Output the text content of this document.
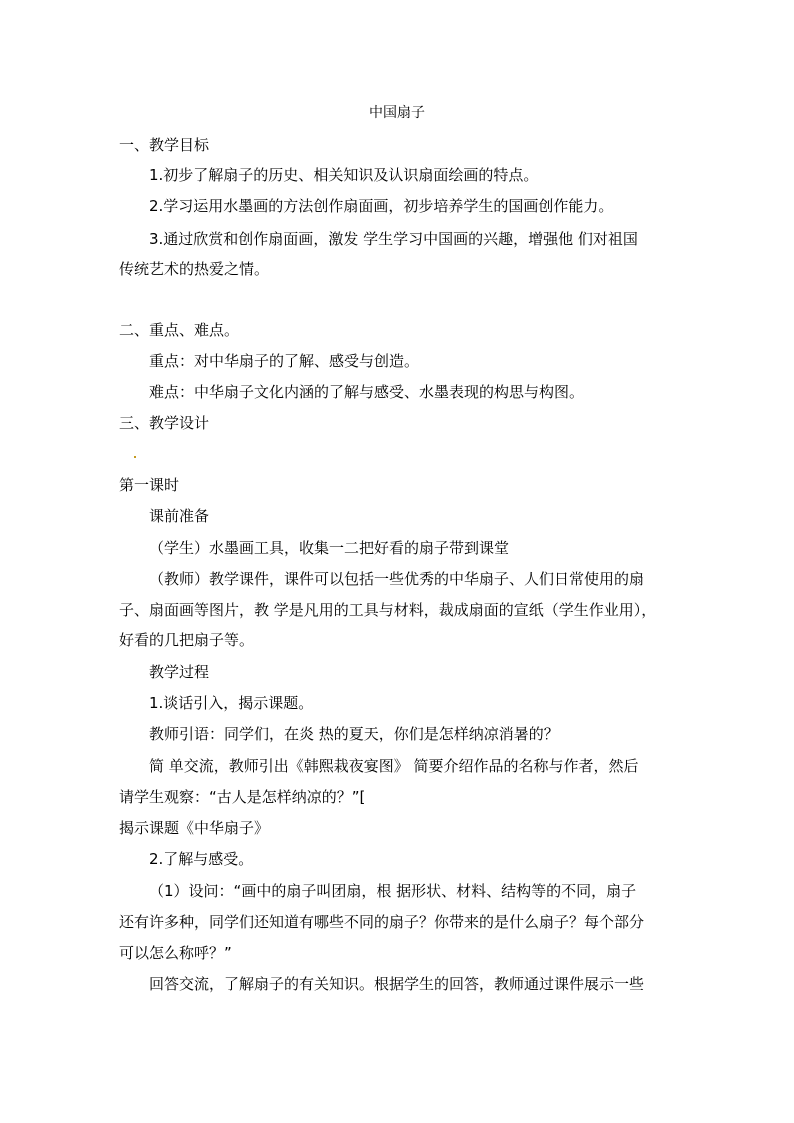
中国扇子
一、教学目标
1.初步了解扇子的历史、相关知识及认识扇面绘画的特点。
2.学习运用水墨画的方法创作扇面画，初步培养学生的国画创作能力。
3.通过欣赏和创作扇面画，激发 学生学习中国画的兴趣，增强他 们对祖国
传统艺术的热爱之情。
二、重点、难点。
重点：对中华扇子的了解、感受与创造。
难点：中华扇子文化内涵的了解与感受、水墨表现的构思与构图。
三、教学设计
第一课时
课前准备
（学生）水墨画工具，收集一二把好看的扇子带到课堂
（教师）教学课件，课件可以包括一些优秀的中华扇子、人们日常使用的扇
子、扇面画等图片，教 学是凡用的工具与材料，裁成扇面的宣纸（学生作业用），
好看的几把扇子等。
教学过程
1.谈话引入，揭示课题。
教师引语：同学们，在炎 热的夏天，你们是怎样纳凉消暑的？
简 单交流，教师引出《韩熙栽夜宴图》 简要介绍作品的名称与作者，然后
请学生观察：“古人是怎样纳凉的？”[
揭示课题《中华扇子》
2.了解与感受。
（1）设问：“画中的扇子叫团扇，根 据形状、材料、结构等的不同，扇子
还有许多种，同学们还知道有哪些不同的扇子？你带来的是什么扇子？每个部分
可以怎么称呼？”
回答交流，了解扇子的有关知识。根据学生的回答，教师通过课件展示一些
